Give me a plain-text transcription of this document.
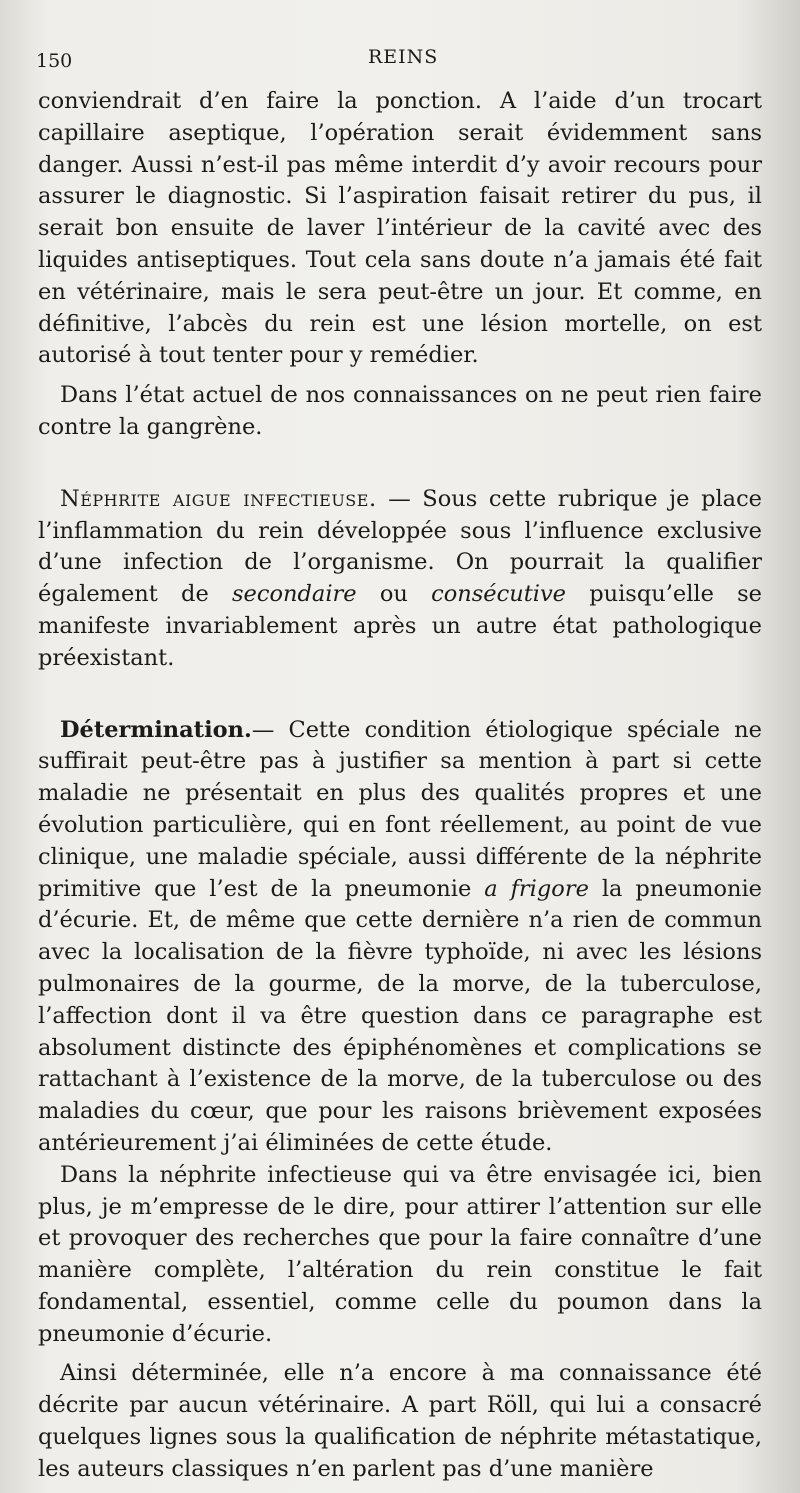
150	REINS

conviendrait d’en faire la ponction. A l’aide d’un trocart capillaire aseptique, l’opération serait évidemment sans danger. Aussi n’est-il pas même interdit d’y avoir recours pour assurer le diagnostic. Si l’aspiration faisait retirer du pus, il serait bon ensuite de laver l’intérieur de la cavité avec des liquides antiseptiques. Tout cela sans doute n’a jamais été fait en vétérinaire, mais le sera peut-être un jour. Et comme, en définitive, l’abcès du rein est une lésion mortelle, on est autorisé à tout tenter pour y remédier.

Dans l’état actuel de nos connaissances on ne peut rien faire contre la gangrène.

Néphrite aigue infectieuse. — Sous cette rubrique je place l’inflammation du rein développée sous l’influence exclusive d’une infection de l’organisme. On pourrait la qualifier également de secondaire ou consécutive puisqu’elle se manifeste invariablement après un autre état pathologique préexistant.

Détermination.— Cette condition étiologique spéciale ne suffirait peut-être pas à justifier sa mention à part si cette maladie ne présentait en plus des qualités propres et une évolution particulière, qui en font réellement, au point de vue clinique, une maladie spéciale, aussi différente de la néphrite primitive que l’est de la pneumonie a frigore la pneumonie d’écurie. Et, de même que cette dernière n’a rien de commun avec la localisation de la fièvre typhoïde, ni avec les lésions pulmonaires de la gourme, de la morve, de la tuberculose, l’affection dont il va être question dans ce paragraphe est absolument distincte des épiphénomènes et complications se rattachant à l’existence de la morve, de la tuberculose ou des maladies du cœur, que pour les raisons brièvement exposées antérieurement j’ai éliminées de cette étude.

Dans la néphrite infectieuse qui va être envisagée ici, bien plus, je m’empresse de le dire, pour attirer l’attention sur elle et provoquer des recherches que pour la faire connaître d’une manière complète, l’altération du rein constitue le fait fondamental, essentiel, comme celle du poumon dans la pneumonie d’écurie.

Ainsi déterminée, elle n’a encore à ma connaissance été décrite par aucun vétérinaire. A part Röll, qui lui a consacré quelques lignes sous la qualification de néphrite métastatique, les auteurs classiques n’en parlent pas d’une manière
